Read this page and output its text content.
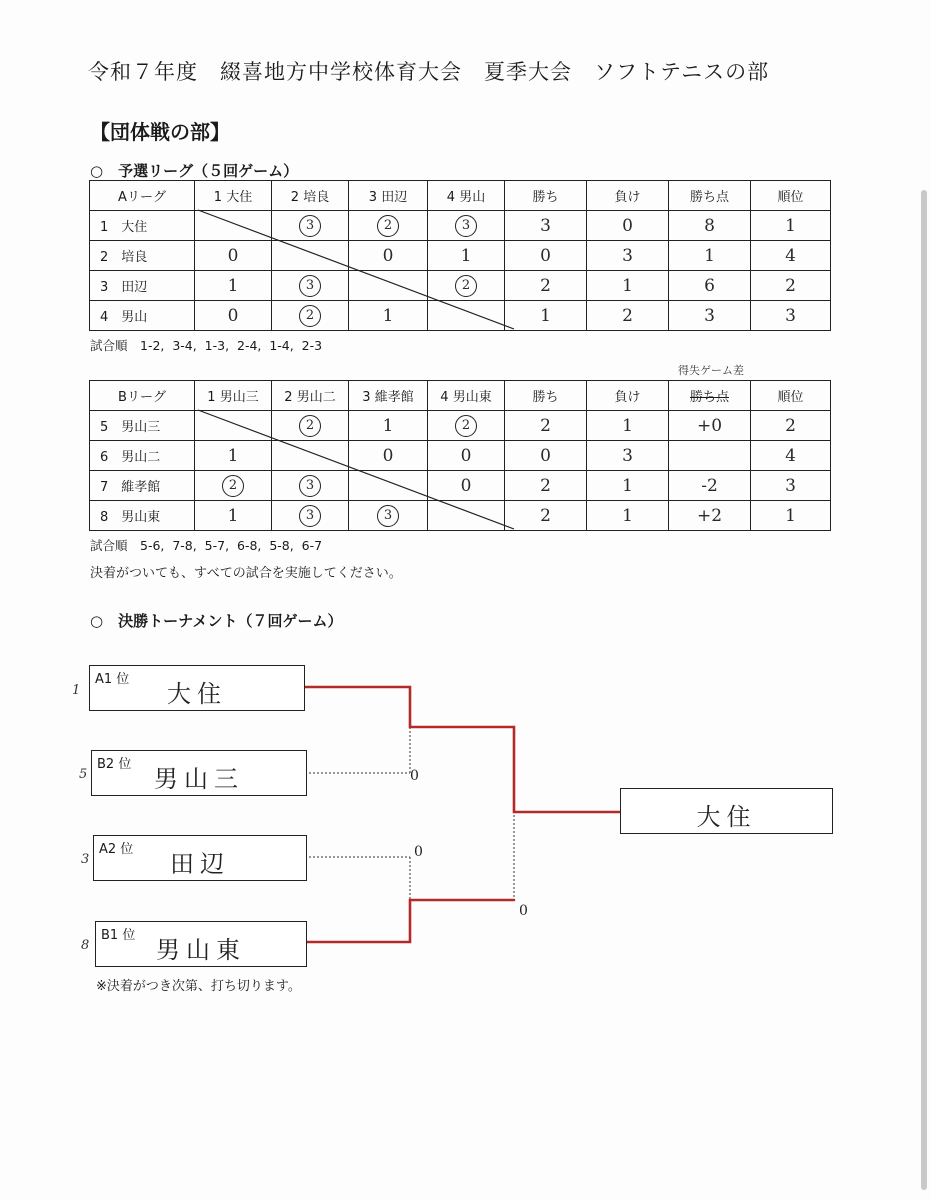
令和７年度　綴喜地方中学校体育大会　夏季大会　ソフトテニスの部
【団体戦の部】
○　予選リーグ（５回ゲーム）
Aリーグ	1 大住	2 培良	3 田辺	4 男山	勝ち	負け	勝ち点	順位
1　大住		3	2	3	3	0	8	1
2　培良	0		0	1	0	3	1	4
3　田辺	1	3		2	2	1	6	2
4　男山	0	2	1		1	2	3	3
試合順　1-2,  3-4,  1-3,  2-4,  1-4,  2-3
得失ゲーム差
Bリーグ	1 男山三	2 男山二	3 維孝館	4 男山東	勝ち	負け	勝ち点	順位
5　男山三		2	1	2	2	1	+0	2
6　男山二	1		0	0	0	3		4
7　維孝館	2	3		0	2	1	-2	3
8　男山東	1	3	3		2	1	+2	1
試合順　5-6,  7-8,  5-7,  6-8,  5-8,  6-7
決着がついても、すべての試合を実施してください。
○　決勝トーナメント（７回ゲーム）
A1 位
大住
B2 位
男山三
A2 位
田辺
B1 位
男山東
大住
1
5
3
8
0
0
0
※決着がつき次第、打ち切ります。
